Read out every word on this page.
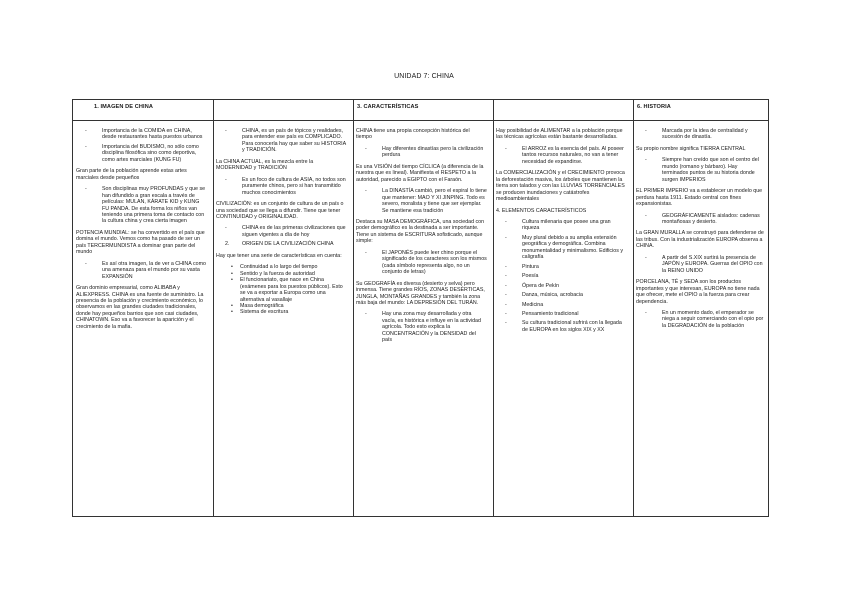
UNIDAD 7: CHINA
1. IMAGEN DE CHINA	3. CARACTERÍSTICAS	6. HISTORIA
- Importancia de la COMIDA en CHINA, desde restaurantes hasta puestos urbanos
- Importancia del BUDISMO, no sólo como disciplina filosófica sino como deportiva, como artes marciales (KUNG FU)

Gran parte de la población aprende estas artes marciales desde pequeños

- Son disciplinas muy PROFUNDAS y que se han difundido a gran escala a través de películas: MULAN, KÁRATE KID y KUNG FU PANDA. De esta forma los niños van teniendo una primera toma de contacto con la cultura china y crea cierta imagen

POTENCIA MUNDIAL: se ha convertido en el país que domina el mundo. Vemos como ha pasado de ser un país TERCERMUNDISTA a dominar gran parte del mundo

- Es así otra imagen, la de ver a CHINA como una amenaza para el mundo por su vasta EXPANSIÓN

Gran dominio empresarial, como ALIBABA y ALIEXPRESS. CHINA es una fuente de suministro. La presencia de la población y crecimiento económico, lo observamos en las grandes ciudades tradicionales, donde hay pequeños barrios que son casi ciudades, CHINATOWN. Eso va a favorecer la aparición y el crecimiento de la mafia.

- CHINA, es un país de tópicos y realidades, para entender ese país es COMPLICADO. Para conocerla hay que saber su HISTORIA y TRADICIÓN.

La CHINA ACTUAL, es la mezcla entre la MODERNIDAD y TRADICIÓN

- Es un foco de cultura de ASIA, no todos son puramente chinos, pero si han transmitido muchos conocimientos

CIVILIZACIÓN: es un conjunto de cultura de un país o una sociedad que se llega a difundir. Tiene que tener CONTINUIDAD y ORIGINALIDAD.

- CHINA es de las primeras civilizaciones que siguen vigentes a día de hoy
2. ORIGEN DE LA CIVILIZACIÓN CHINA

Hay que tener una serie de características en cuenta:

• Continuidad a lo largo del tiempo
• Sentido y la fuerza de autoridad
• El funcionariato, que nace en China (exámenes para los puestos públicos). Esto se va a exportar a Europa como una alternativa al vasallaje
• Masa demográfica
• Sistema de escritura

CHINA tiene una propia concepción histórica del tiempo

- Hay diferentes dinastías pero la civilización perdura

Es una VISIÓN del tiempo CÍCLICA (a diferencia de la nuestra que es lineal). Manifiesta el RESPETO a la autoridad, parecido a EGIPTO con el Faraón.

- La DINASTÍA cambió, pero el espiral lo tiene que mantener: MAO Y XI JINPING. Todo es severo, moralista y tiene que ser ejemplar. Se mantiene esa tradición

Destaca su MASA DEMOGRÁFICA, una sociedad con poder demográfico es la destinada a ser importante. Tiene un sistema de ESCRITURA sofisticado, aunque simple:

- El JAPONÉS puede leer chino porque el significado de los caracteres son los mismos (cada símbolo representa algo, no un conjunto de letras)

Su GEOGRAFÍA es diversa (desierto y selva) pero inmensa. Tiene grandes RÍOS, ZONAS DESÉRTICAS, JUNGLA, MONTAÑAS GRANDES y también la zona más baja del mundo: LA DEPRESIÓN DEL TURÁN.

- Hay una zona muy desarrollada y otra vacía, es histórica e influye en la actividad agrícola. Todo esto explica la CONCENTRACIÓN y la DENSIDAD del país

Hay posibilidad de ALIMENTAR a la población porque las técnicas agrícolas están bastante desarrolladas.

- El ARROZ es la esencia del país. Al poseer tantos recursos naturales, no van a tener necesidad de expandirse.

La COMERCIALIZACIÓN y el CRECIMIENTO provoca la deforestación masiva, los árboles que mantienen la tierra son talados y con las LLUVIAS TORRENCIALES se producen inundaciones y catástrofes medioambientales

4. ELEMENTOS CARACTERÍSTICOS

- Cultura milenaria que posee una gran riqueza
- Muy plural debido a su amplia extensión geográfica y demográfica. Combina monumentalidad y minimalismo. Edificios y caligrafía
- Pintura
- Poesía
- Ópera de Pekín
- Danza, música, acrobacia
- Medicina
- Pensamiento tradicional
- Su cultura tradicional sufrirá con la llegada de EUROPA en los siglos XIX y XX
- Marcada por la idea de centralidad y sucesión de dinastía.

Su propio nombre significa TIERRA CENTRAL

- Siempre han creído que son el centro del mundo (romano y bárbaro). Hay terminados puntos de su historia donde surgen IMPERIOS

EL PRIMER IMPERIO va a establecer un modelo que perdura hasta 1911. Estado central con fines expansionistas.

- GEOGRÁFICAMENTE aislados: cadenas montañosas y desierto.

La GRAN MURALLA se construyó para defenderse de las tribus. Con la industrialización EUROPA observa a CHINA.

- A partir del S.XIX surtirá la presencia de JAPÓN y EUROPA. Guerras del OPIO con la REINO UNIDO

PORCELANA, TÉ y SEDA son los productos importantes y que interesan, EUROPA no tiene nada que ofrecer, mete el OPIO a la fuerza para crear dependencia.

- En un momento dado, el emperador se niega a seguir comerciando con el opio por la DEGRADACIÓN de la población
